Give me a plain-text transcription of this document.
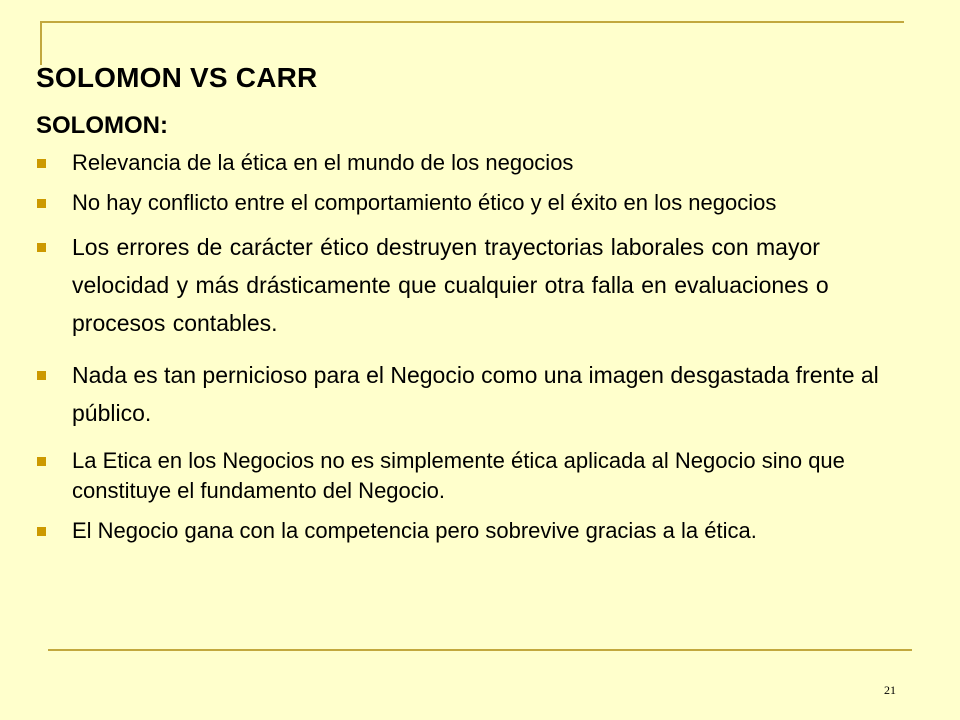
SOLOMON VS CARR
SOLOMON:
Relevancia de la ética en el mundo de los negocios
No hay conflicto entre el comportamiento ético y el éxito en los negocios
Los errores de carácter ético destruyen trayectorias laborales con mayor velocidad y más drásticamente que cualquier otra falla en evaluaciones o procesos contables.
Nada es tan pernicioso para el Negocio como una imagen desgastada frente al público.
La Etica en los Negocios no es simplemente ética aplicada al Negocio sino que constituye el fundamento del Negocio.
El Negocio gana con la competencia pero sobrevive gracias a la ética.
21
